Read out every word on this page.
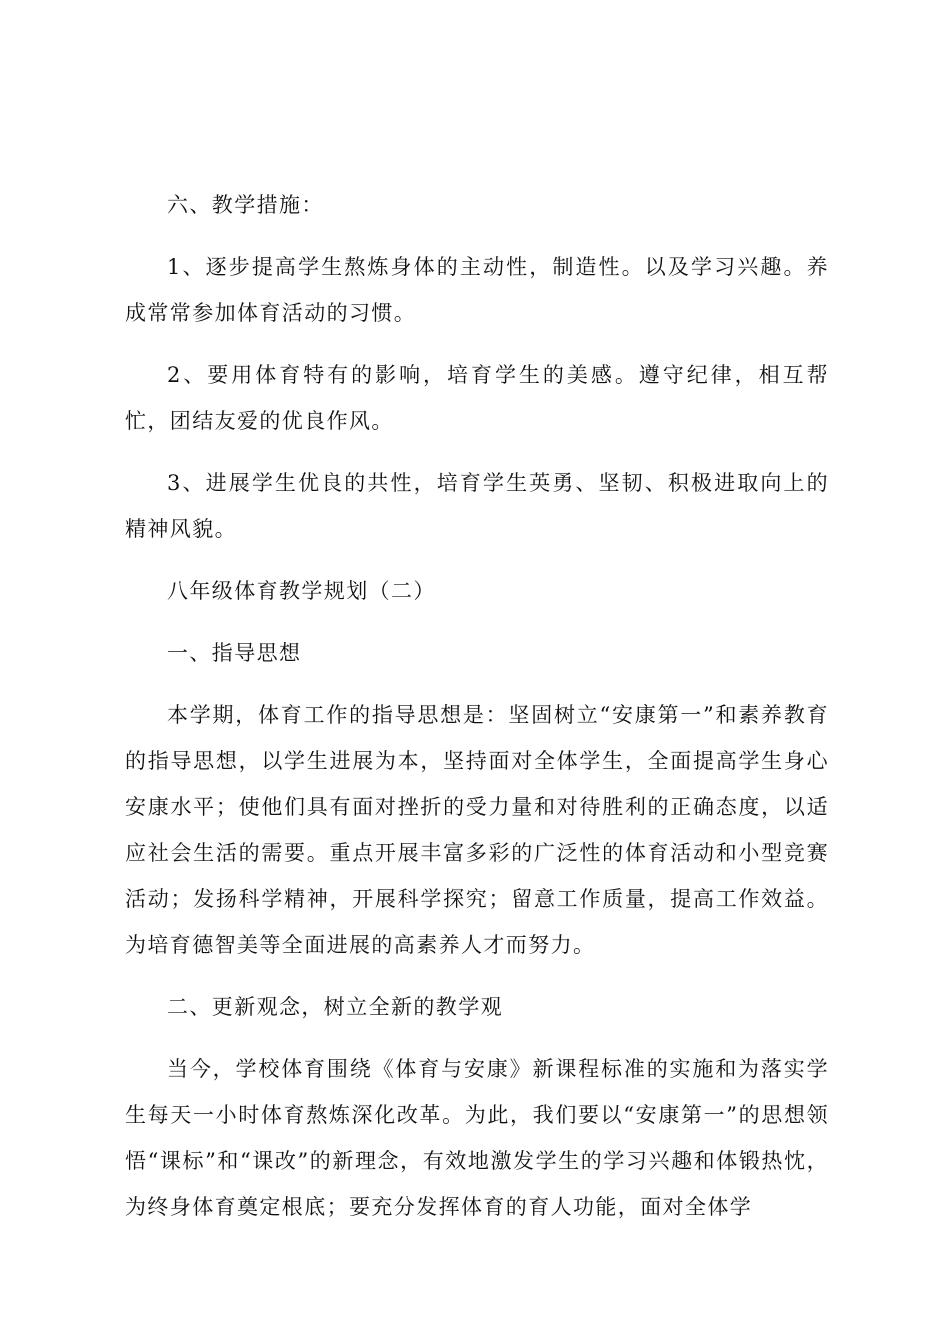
六、教学措施：

1、逐步提高学生熬炼身体的主动性，制造性。以及学习兴趣。养成常常参加体育活动的习惯。

2、要用体育特有的影响，培育学生的美感。遵守纪律，相互帮忙，团结友爱的优良作风。

3、进展学生优良的共性，培育学生英勇、坚韧、积极进取向上的精神风貌。

八年级体育教学规划（二）

一、指导思想

本学期，体育工作的指导思想是：坚固树立“安康第一”和素养教育的指导思想，以学生进展为本，坚持面对全体学生，全面提高学生身心安康水平；使他们具有面对挫折的受力量和对待胜利的正确态度，以适应社会生活的需要。重点开展丰富多彩的广泛性的体育活动和小型竞赛活动；发扬科学精神，开展科学探究；留意工作质量，提高工作效益。为培育德智美等全面进展的高素养人才而努力。

二、更新观念，树立全新的教学观

当今，学校体育围绕《体育与安康》新课程标准的实施和为落实学生每天一小时体育熬炼深化改革。为此，我们要以“安康第一”的思想领悟“课标”和“课改”的新理念，有效地激发学生的学习兴趣和体锻热忱，为终身体育奠定根底；要充分发挥体育的育人功能，面对全体学
